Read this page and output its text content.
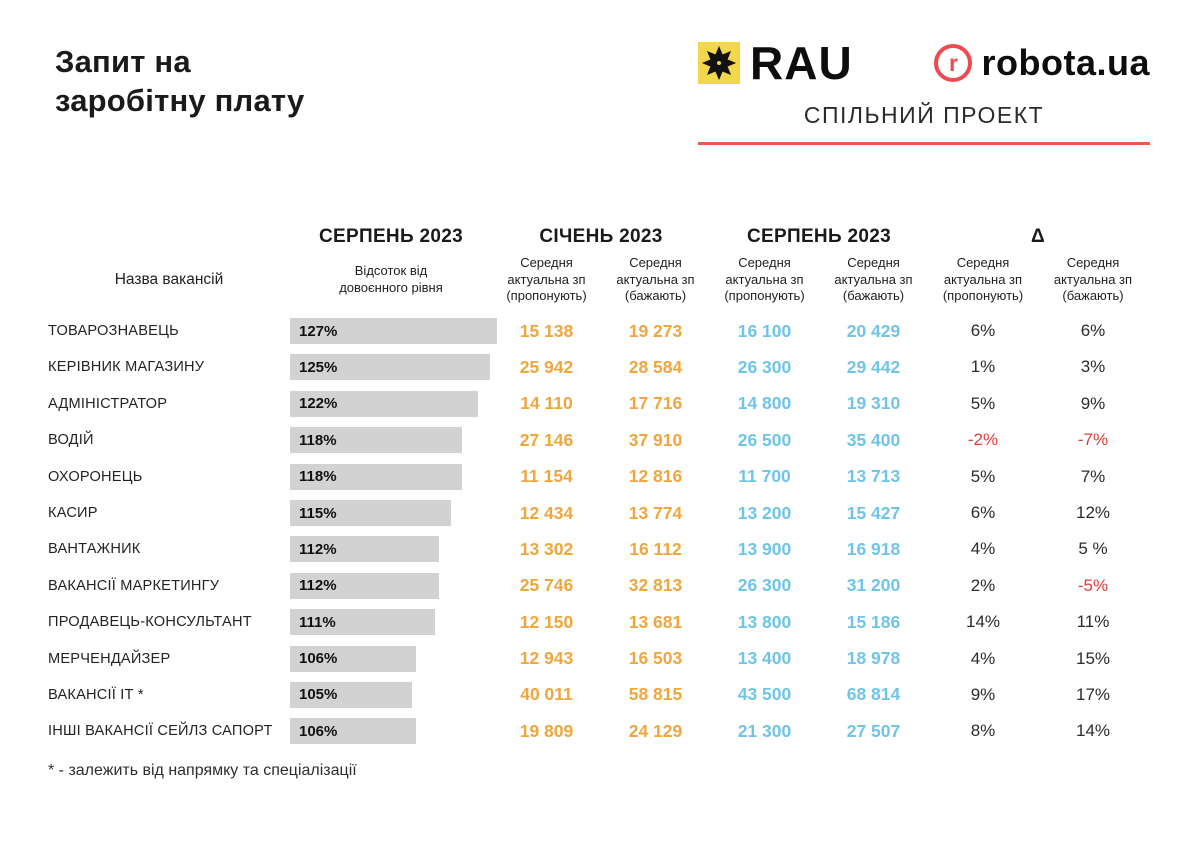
Запит на
заробітну плату
RAU	r robota.ua
СПІЛЬНИЙ ПРОЕКТ
СЕРПЕНЬ 2023	СІЧЕНЬ 2023	СЕРПЕНЬ 2023	Δ
Назва вакансій
Відсоток від довоєнного рівня
Середня актуальна зп (пропонують)
Середня актуальна зп (бажають)
Середня актуальна зп (пропонують)
Середня актуальна зп (бажають)
Середня актуальна зп (пропонують)
Середня актуальна зп (бажають)
ТОВАРОЗНАВЕЦЬ	127%	15 138	19 273	16 100	20 429	6%	6%
КЕРІВНИК МАГАЗИНУ	125%	25 942	28 584	26 300	29 442	1%	3%
АДМІНІСТРАТОР	122%	14 110	17 716	14 800	19 310	5%	9%
ВОДІЙ	118%	27 146	37 910	26 500	35 400	-2%	-7%
ОХОРОНЕЦЬ	118%	11 154	12 816	11 700	13 713	5%	7%
КАСИР	115%	12 434	13 774	13 200	15 427	6%	12%
ВАНТАЖНИК	112%	13 302	16 112	13 900	16 918	4%	5 %
ВАКАНСІЇ МАРКЕТИНГУ	112%	25 746	32 813	26 300	31 200	2%	-5%
ПРОДАВЕЦЬ-КОНСУЛЬТАНТ	111%	12 150	13 681	13 800	15 186	14%	11%
МЕРЧЕНДАЙЗЕР	106%	12 943	16 503	13 400	18 978	4%	15%
ВАКАНСІЇ ІТ *	105%	40 011	58 815	43 500	68 814	9%	17%
ІНШІ ВАКАНСІЇ СЕЙЛЗ САПОРТ	106%	19 809	24 129	21 300	27 507	8%	14%
* - залежить від напрямку та спеціалізації
